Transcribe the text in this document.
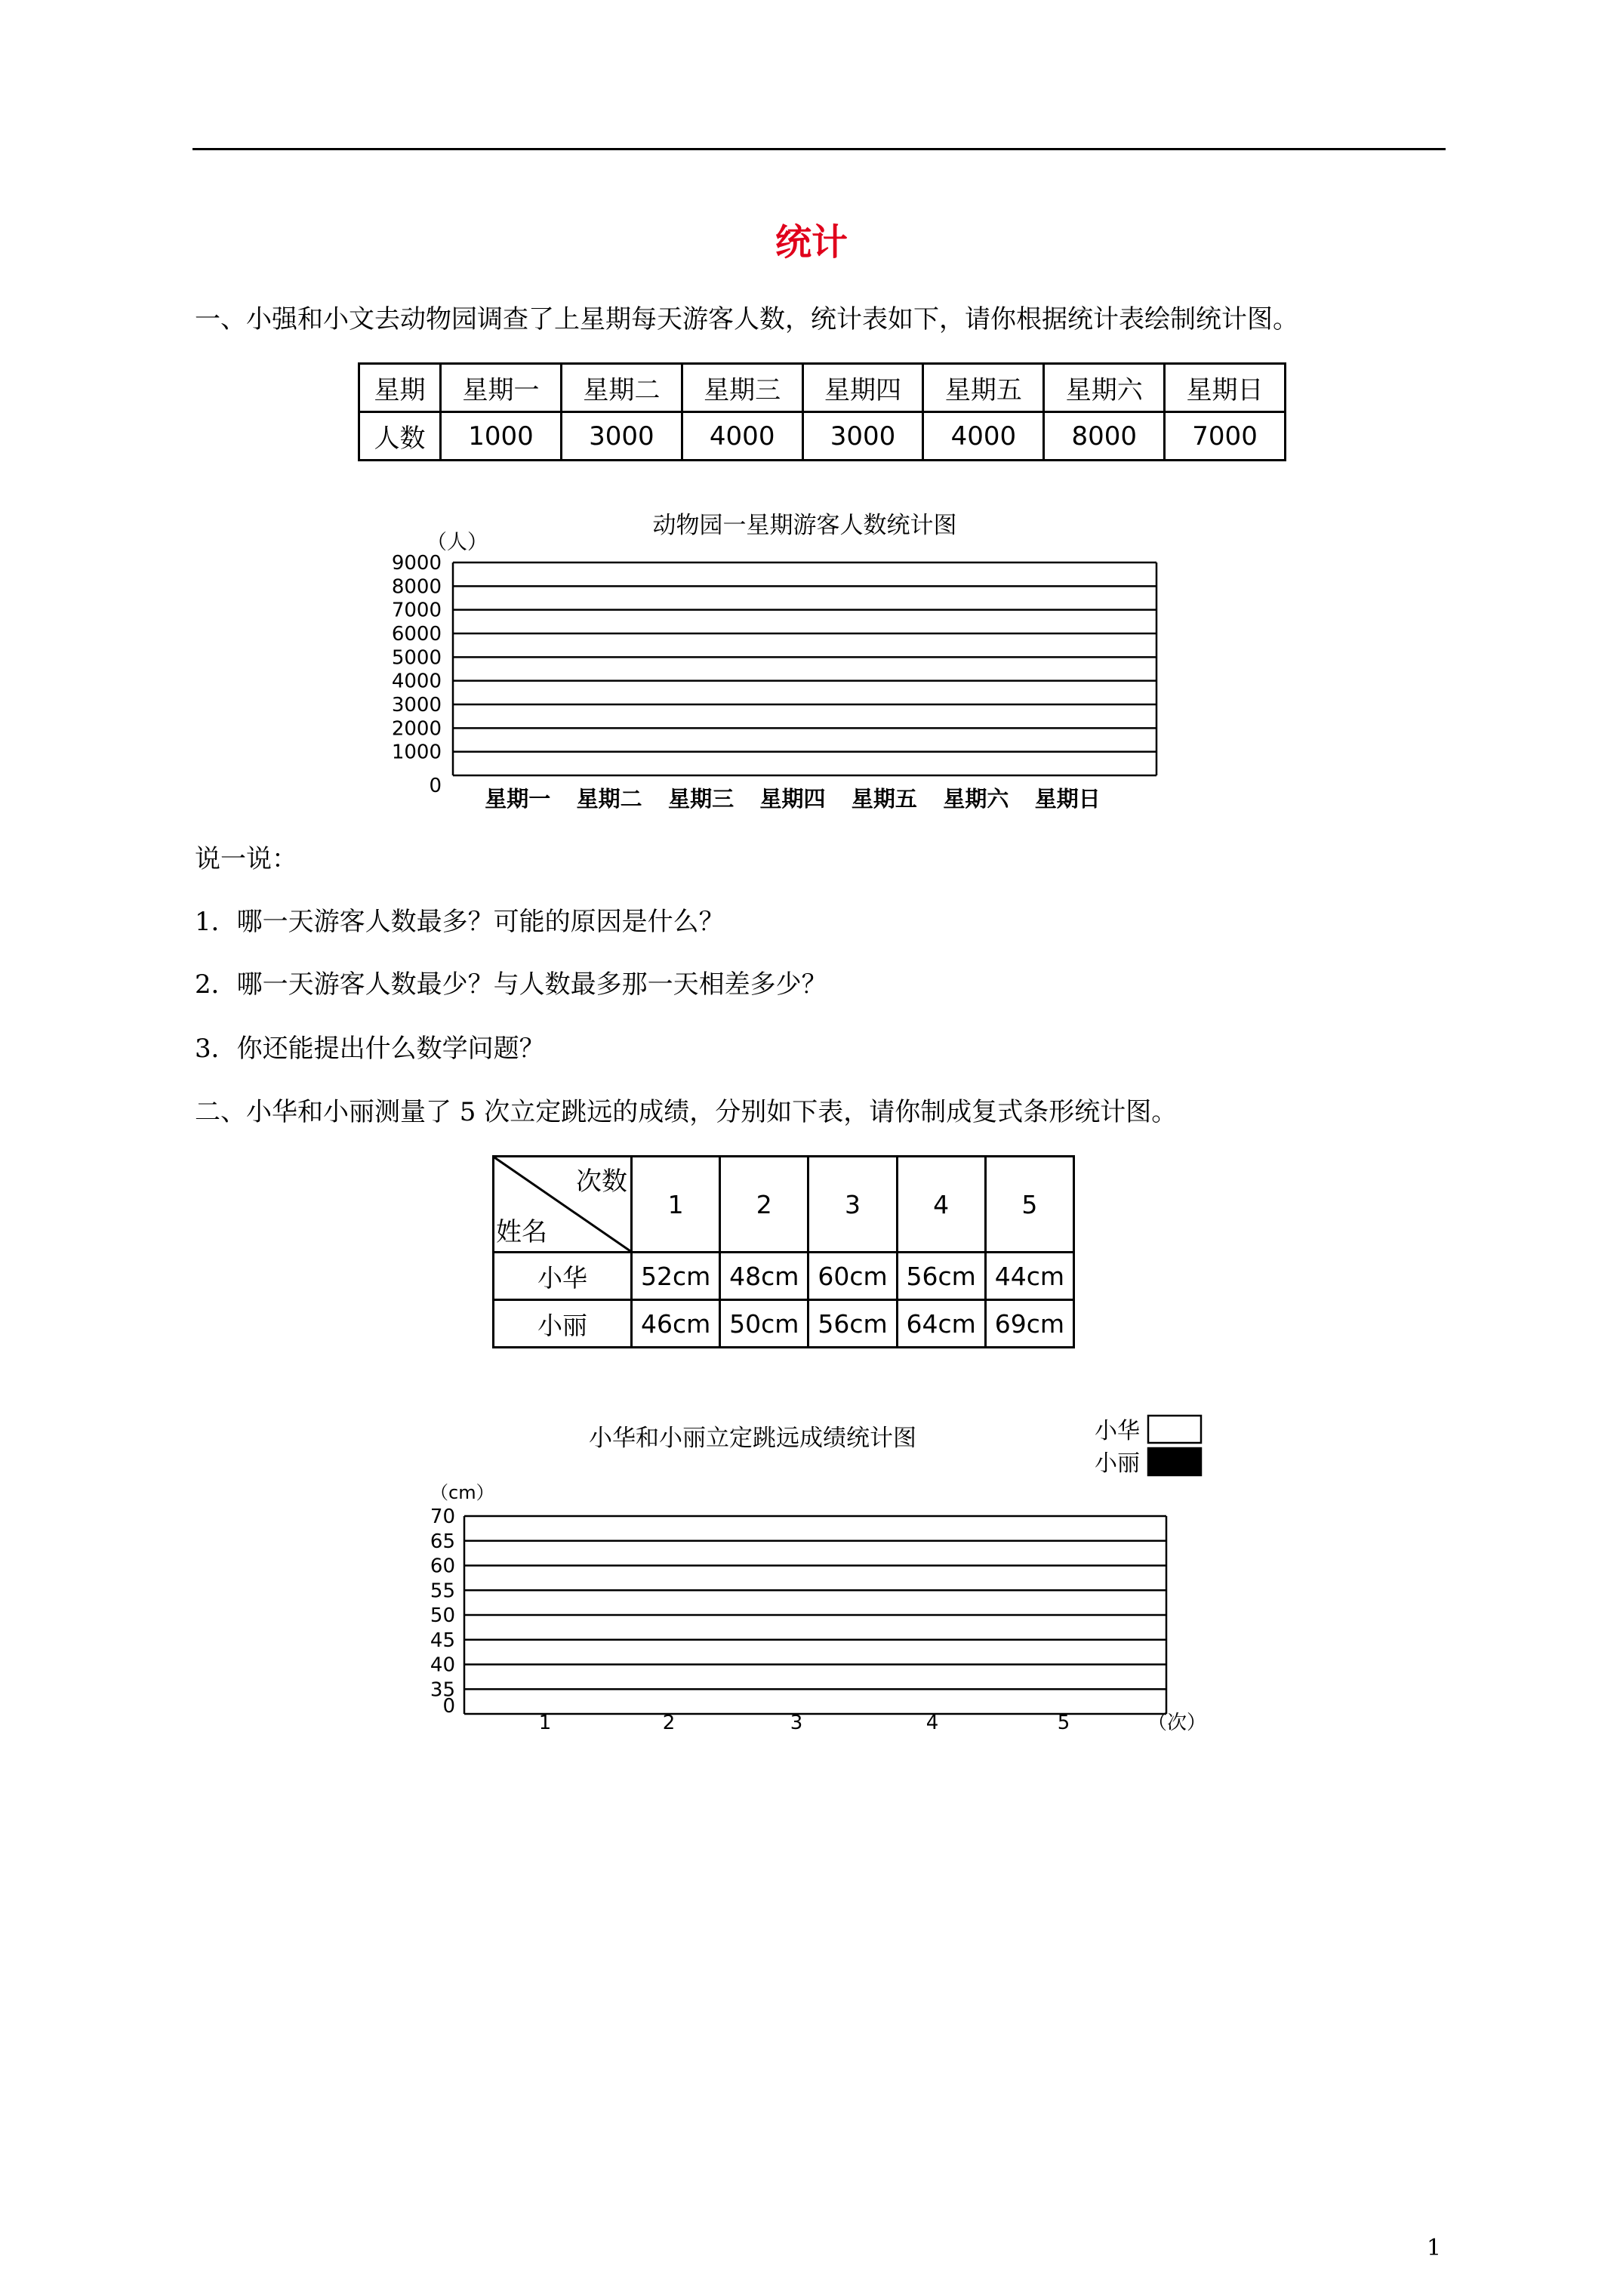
统计
一、小强和小文去动物园调查了上星期每天游客人数，统计表如下，请你根据统计表绘制统计图。
星期	星期一	星期二	星期三	星期四	星期五	星期六	星期日
人数	1000	3000	4000	3000	4000	8000	7000
动物园一星期游客人数统计图
（人）
0
1000
2000
3000
4000
5000
6000
7000
8000
9000
星期一 星期二 星期三 星期四 星期五 星期六 星期日
说一说：
1．哪一天游客人数最多？可能的原因是什么？
2．哪一天游客人数最少？与人数最多那一天相差多少？
3．你还能提出什么数学问题？
二、小华和小丽测量了 5 次立定跳远的成绩，分别如下表，请你制成复式条形统计图。
次数
姓名	1	2	3	4	5
小华	52cm	48cm	60cm	56cm	44cm
小丽	46cm	50cm	56cm	64cm	69cm
小华和小丽立定跳远成绩统计图
（cm）
0
35
40
45
50
55
60
65
70
1	2	3	4	5	（次）
小华
小丽
1
